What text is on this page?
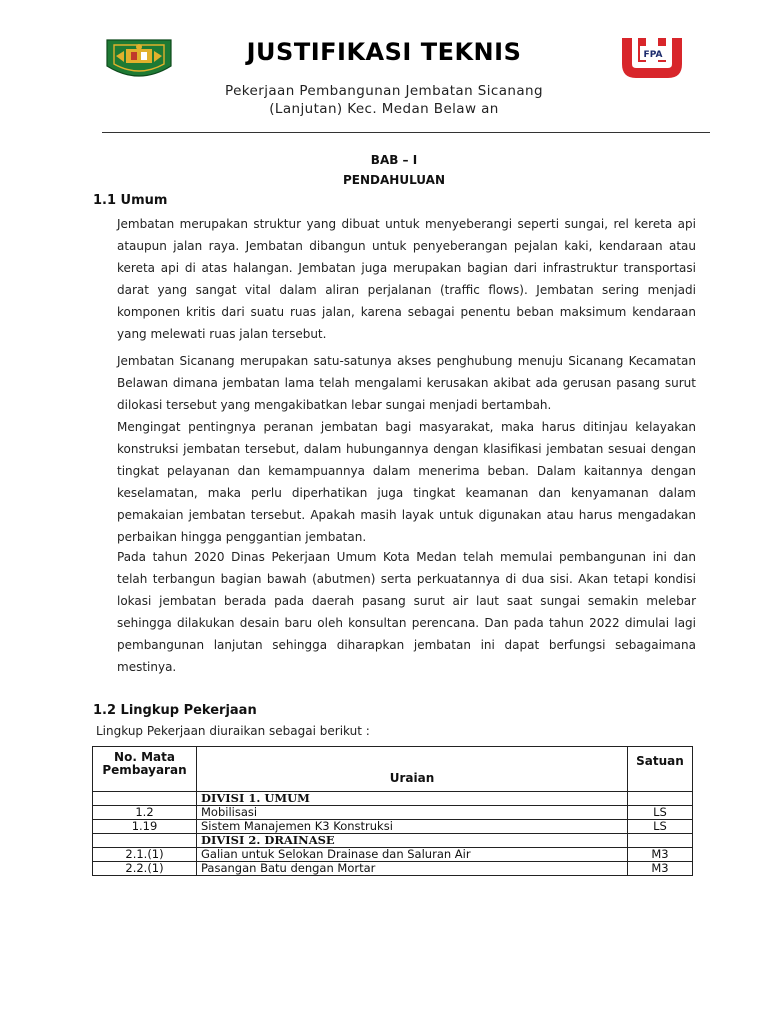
JUSTIFIKASI TEKNIS	FPA
Pekerjaan Pembangunan Jembatan Sicanang
(Lanjutan) Kec. Medan Belaw an
BAB – I
PENDAHULUAN
1.1 Umum

Jembatan merupakan struktur yang dibuat untuk menyeberangi seperti sungai, rel kereta api ataupun jalan raya. Jembatan dibangun untuk penyeberangan pejalan kaki, kendaraan atau kereta api di atas halangan. Jembatan juga merupakan bagian dari infrastruktur transportasi darat yang sangat vital dalam aliran perjalanan (traffic flows). Jembatan sering menjadi komponen kritis dari suatu ruas jalan, karena sebagai penentu beban maksimum kendaraan yang melewati ruas jalan tersebut.

Jembatan Sicanang merupakan satu-satunya akses penghubung menuju Sicanang Kecamatan Belawan dimana jembatan lama telah mengalami kerusakan akibat ada gerusan pasang surut dilokasi tersebut yang mengakibatkan lebar sungai menjadi bertambah.

Mengingat pentingnya peranan jembatan bagi masyarakat, maka harus ditinjau kelayakan konstruksi jembatan tersebut, dalam hubungannya dengan klasifikasi jembatan sesuai dengan tingkat pelayanan dan kemampuannya dalam menerima beban. Dalam kaitannya dengan keselamatan, maka perlu diperhatikan juga tingkat keamanan dan kenyamanan dalam pemakaian jembatan tersebut. Apakah masih layak untuk digunakan atau harus mengadakan perbaikan hingga penggantian jembatan.

Pada tahun 2020 Dinas Pekerjaan Umum Kota Medan telah memulai pembangunan ini dan telah terbangun bagian bawah (abutmen) serta perkuatannya di dua sisi. Akan tetapi kondisi lokasi jembatan berada pada daerah pasang surut air laut saat sungai semakin melebar sehingga dilakukan desain baru oleh konsultan perencana. Dan pada tahun 2022 dimulai lagi pembangunan lanjutan sehingga diharapkan jembatan ini dapat berfungsi sebagaimana mestinya.

1.2 Lingkup Pekerjaan
Lingkup Pekerjaan diuraikan sebagai berikut :
No. Mata Pembayaran	Uraian	Satuan
	DIVISI 1. UMUM	
1.2	Mobilisasi	LS
1.19	Sistem Manajemen K3 Konstruksi	LS
	DIVISI 2. DRAINASE	
2.1.(1)	Galian untuk Selokan Drainase dan Saluran Air	M3
2.2.(1)	Pasangan Batu dengan Mortar	M3
